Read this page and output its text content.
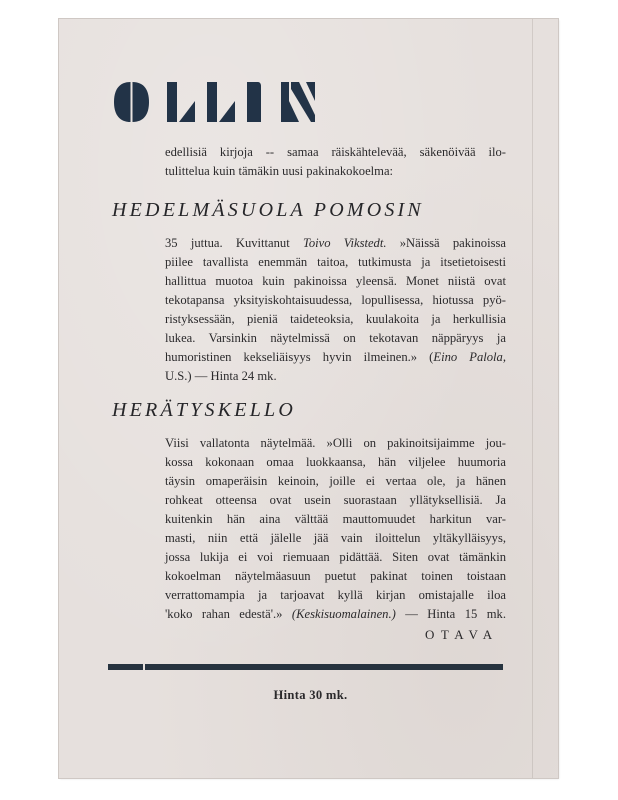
edellisiä kirjoja -- samaa räiskähtelevää, säkenöivää ilo-
tulittelua kuin tämäkin uusi pakinakokoelma:
HEDELMÄSUOLA POMOSIN
35 juttua. Kuvittanut Toivo Vikstedt. »Näissä pakinoissa
piilee tavallista enemmän taitoa, tutkimusta ja itsetietoisesti
hallittua muotoa kuin pakinoissa yleensä. Monet niistä ovat
tekotapansa yksityiskohtaisuudessa, lopullisessa, hiotussa pyö-
ristyksessään, pieniä taideteoksia, kuulakoita ja herkullisia
lukea. Varsinkin näytelmissä on tekotavan näppäryys ja
humoristinen kekseliäisyys hyvin ilmeinen.» (Eino Palola,
U.S.) — Hinta 24 mk.
HERÄTYSKELLO
Viisi vallatonta näytelmää. »Olli on pakinoitsijaimme jou-
kossa kokonaan omaa luokkaansa, hän viljelee huumoria
täysin omaperäisin keinoin, joille ei vertaa ole, ja hänen
rohkeat otteensa ovat usein suorastaan yllätyksellisiä. Ja
kuitenkin hän aina välttää mauttomuudet harkitun var-
masti, niin että jälelle jää vain iloittelun yltäkylläisyys,
jossa lukija ei voi riemuaan pidättää. Siten ovat tämänkin
kokoelman näytelmäasuun puetut pakinat toinen toistaan
verrattomampia ja tarjoavat kyllä kirjan omistajalle iloa
'koko rahan edestä'.» (Keskisuomalainen.) — Hinta 15 mk.
OTAVA
Hinta 30 mk.
